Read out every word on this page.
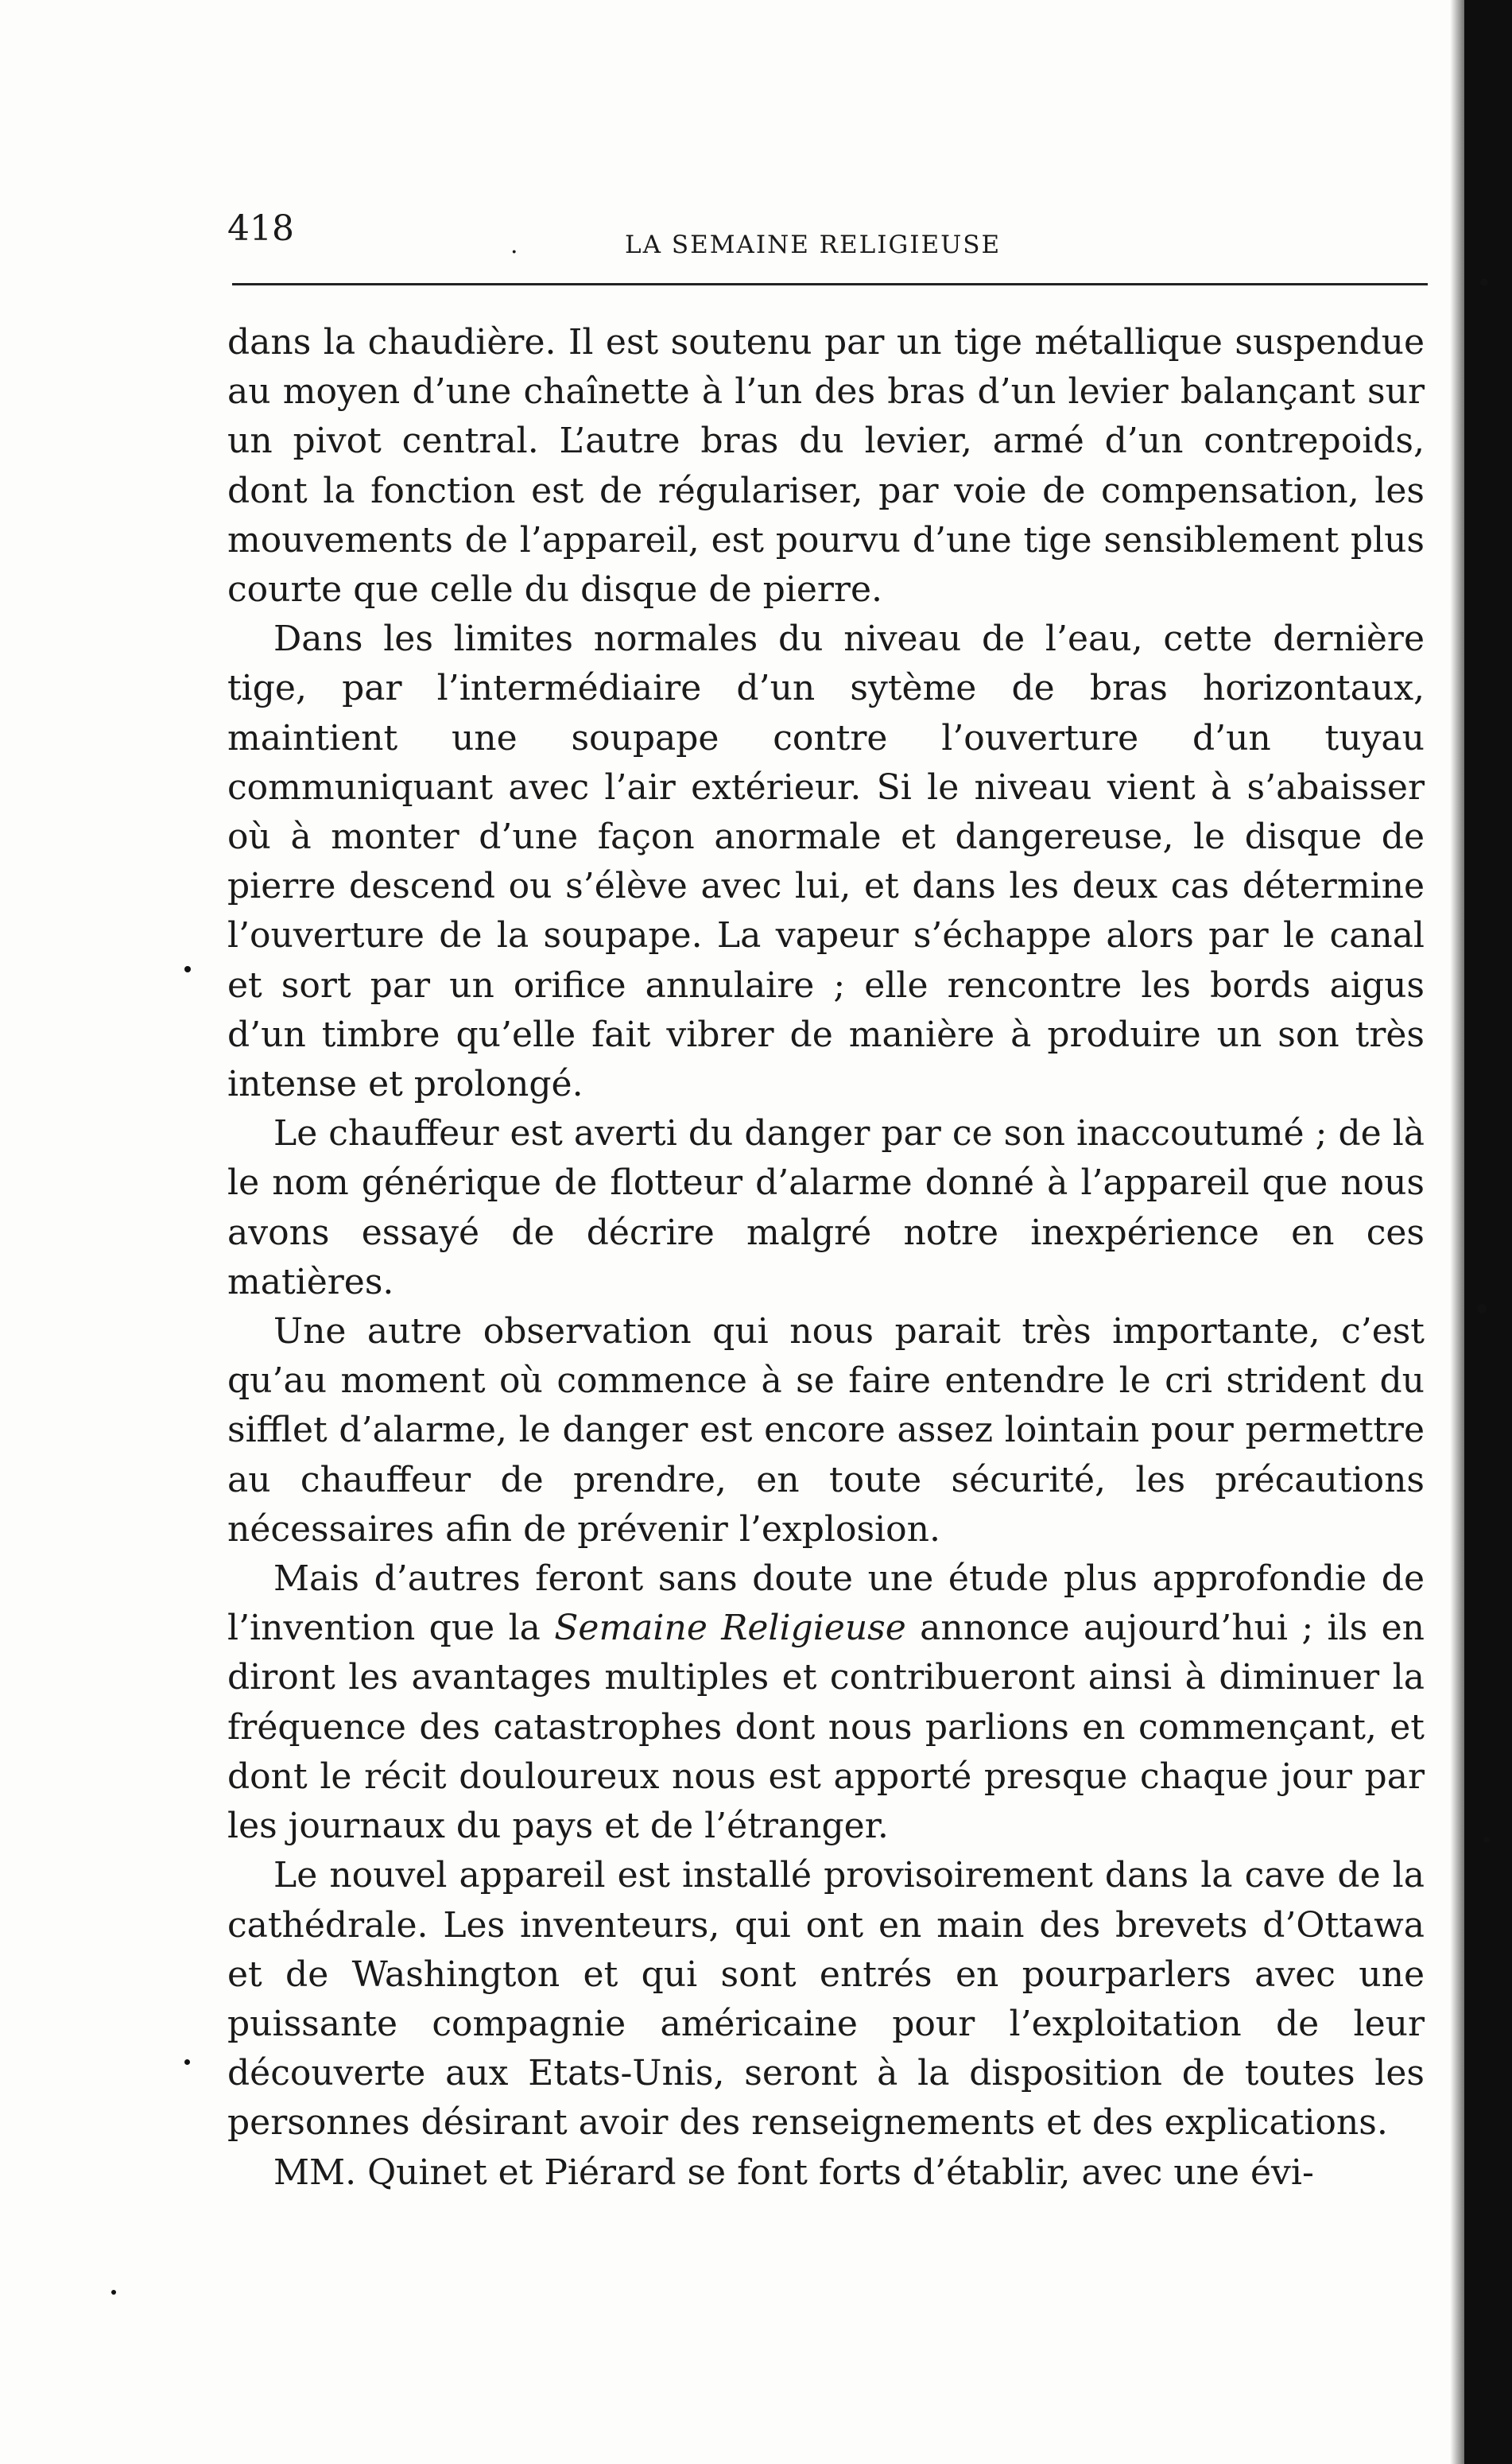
418
·	LA SEMAINE RELIGIEUSE

dans la chaudière. Il est soutenu par un tige métallique suspendue au moyen d’une chaînette à l’un des bras d’un levier balançant sur un pivot central. L’autre bras du levier, armé d’un contrepoids, dont la fonction est de régulariser, par voie de compensation, les mouvements de l’appareil, est pourvu d’une tige sensiblement plus courte que celle du disque de pierre.

Dans les limites normales du niveau de l’eau, cette dernière tige, par l’intermédiaire d’un sytème de bras horizontaux, maintient une soupape contre l’ouverture d’un tuyau communiquant avec l’air extérieur. Si le niveau vient à s’abaisser où à monter d’une façon anormale et dangereuse, le disque de pierre descend ou s’élève avec lui, et dans les deux cas détermine l’ouverture de la soupape. La vapeur s’échappe alors par le canal et sort par un orifice annulaire ; elle rencontre les bords aigus d’un timbre qu’elle fait vibrer de manière à produire un son très intense et prolongé.

Le chauffeur est averti du danger par ce son inaccoutumé ; de là le nom générique de flotteur d’alarme donné à l’appareil que nous avons essayé de décrire malgré notre inexpérience en ces matières.

Une autre observation qui nous parait très importante, c’est qu’au moment où commence à se faire entendre le cri strident du sifflet d’alarme, le danger est encore assez lointain pour permettre au chauffeur de prendre, en toute sécurité, les précautions nécessaires afin de prévenir l’explosion.

Mais d’autres feront sans doute une étude plus approfondie de l’invention que la Semaine Religieuse annonce aujourd’hui ; ils en diront les avantages multiples et contribueront ainsi à diminuer la fréquence des catastrophes dont nous parlions en commençant, et dont le récit douloureux nous est apporté presque chaque jour par les journaux du pays et de l’étranger.

Le nouvel appareil est installé provisoirement dans la cave de la cathédrale. Les inventeurs, qui ont en main des brevets d’Ottawa et de Washington et qui sont entrés en pourparlers avec une puissante compagnie américaine pour l’exploitation de leur découverte aux Etats-Unis, seront à la disposition de toutes les personnes désirant avoir des renseignements et des explications.

MM. Quinet et Piérard se font forts d’établir, avec une évi-
